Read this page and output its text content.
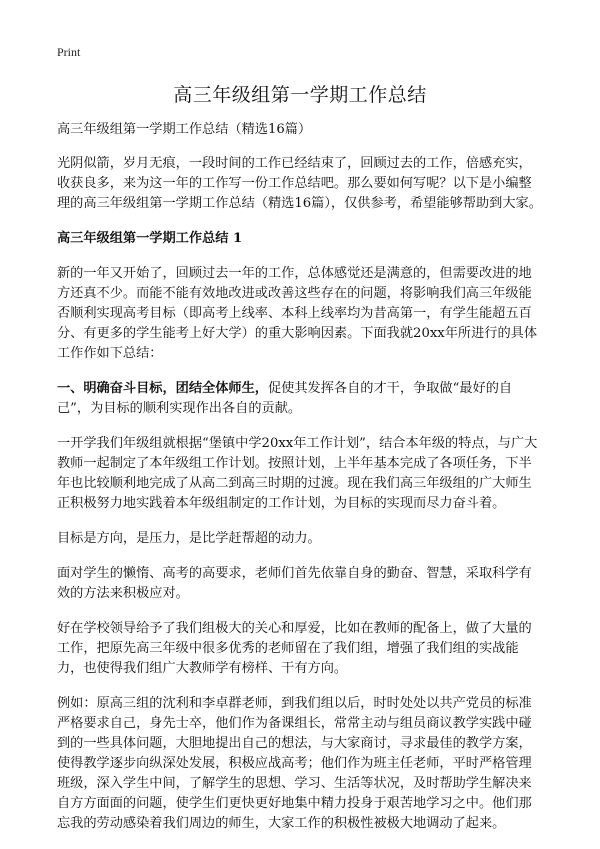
Print
高三年级组第一学期工作总结

高三年级组第一学期工作总结（精选16篇）

光阴似箭，岁月无痕，一段时间的工作已经结束了，回顾过去的工作，倍感充实，收获良多，来为这一年的工作写一份工作总结吧。那么要如何写呢？以下是小编整理的高三年级组第一学期工作总结（精选16篇），仅供参考，希望能够帮助到大家。

高三年级组第一学期工作总结 1

新的一年又开始了，回顾过去一年的工作，总体感觉还是满意的，但需要改进的地方还真不少。而能不能有效地改进或改善这些存在的问题，将影响我们高三年级能否顺利实现高考目标（即高考上线率、本科上线率均为昔高第一，有学生能超五百分、有更多的学生能考上好大学）的重大影响因素。下面我就20xx年所进行的具体工作作如下总结：

一、明确奋斗目标，团结全体师生，促使其发挥各自的才干，争取做“最好的自己”，为目标的顺利实现作出各自的贡献。

一开学我们年级组就根据“堡镇中学20xx年工作计划”，结合本年级的特点，与广大教师一起制定了本年级组工作计划。按照计划，上半年基本完成了各项任务，下半年也比较顺利地完成了从高二到高三时期的过渡。现在我们高三年级组的广大师生正积极努力地实践着本年级组制定的工作计划，为目标的实现而尽力奋斗着。

目标是方向，是压力，是比学赶帮超的动力。

面对学生的懒惰、高考的高要求，老师们首先依靠自身的勤奋、智慧，采取科学有效的方法来积极应对。

好在学校领导给予了我们组极大的关心和厚爱，比如在教师的配备上，做了大量的工作，把原先高三年级中很多优秀的老师留在了我们组，增强了我们组的实战能力，也使得我们组广大教师学有榜样、干有方向。

例如：原高三组的沈利和李卓群老师，到我们组以后，时时处处以共产党员的标准严格要求自己，身先士卒，他们作为备课组长，常常主动与组员商议教学实践中碰到的一些具体问题，大胆地提出自己的想法，与大家商讨，寻求最佳的教学方案，使得教学逐步向纵深处发展，积极应战高考；他们作为班主任老师，平时严格管理班级，深入学生中间，了解学生的思想、学习、生活等状况，及时帮助学生解决来自方方面面的问题，使学生们更快更好地集中精力投身于艰苦地学习之中。他们那忘我的劳动感染着我们周边的师生，大家工作的积极性被极大地调动了起来。
